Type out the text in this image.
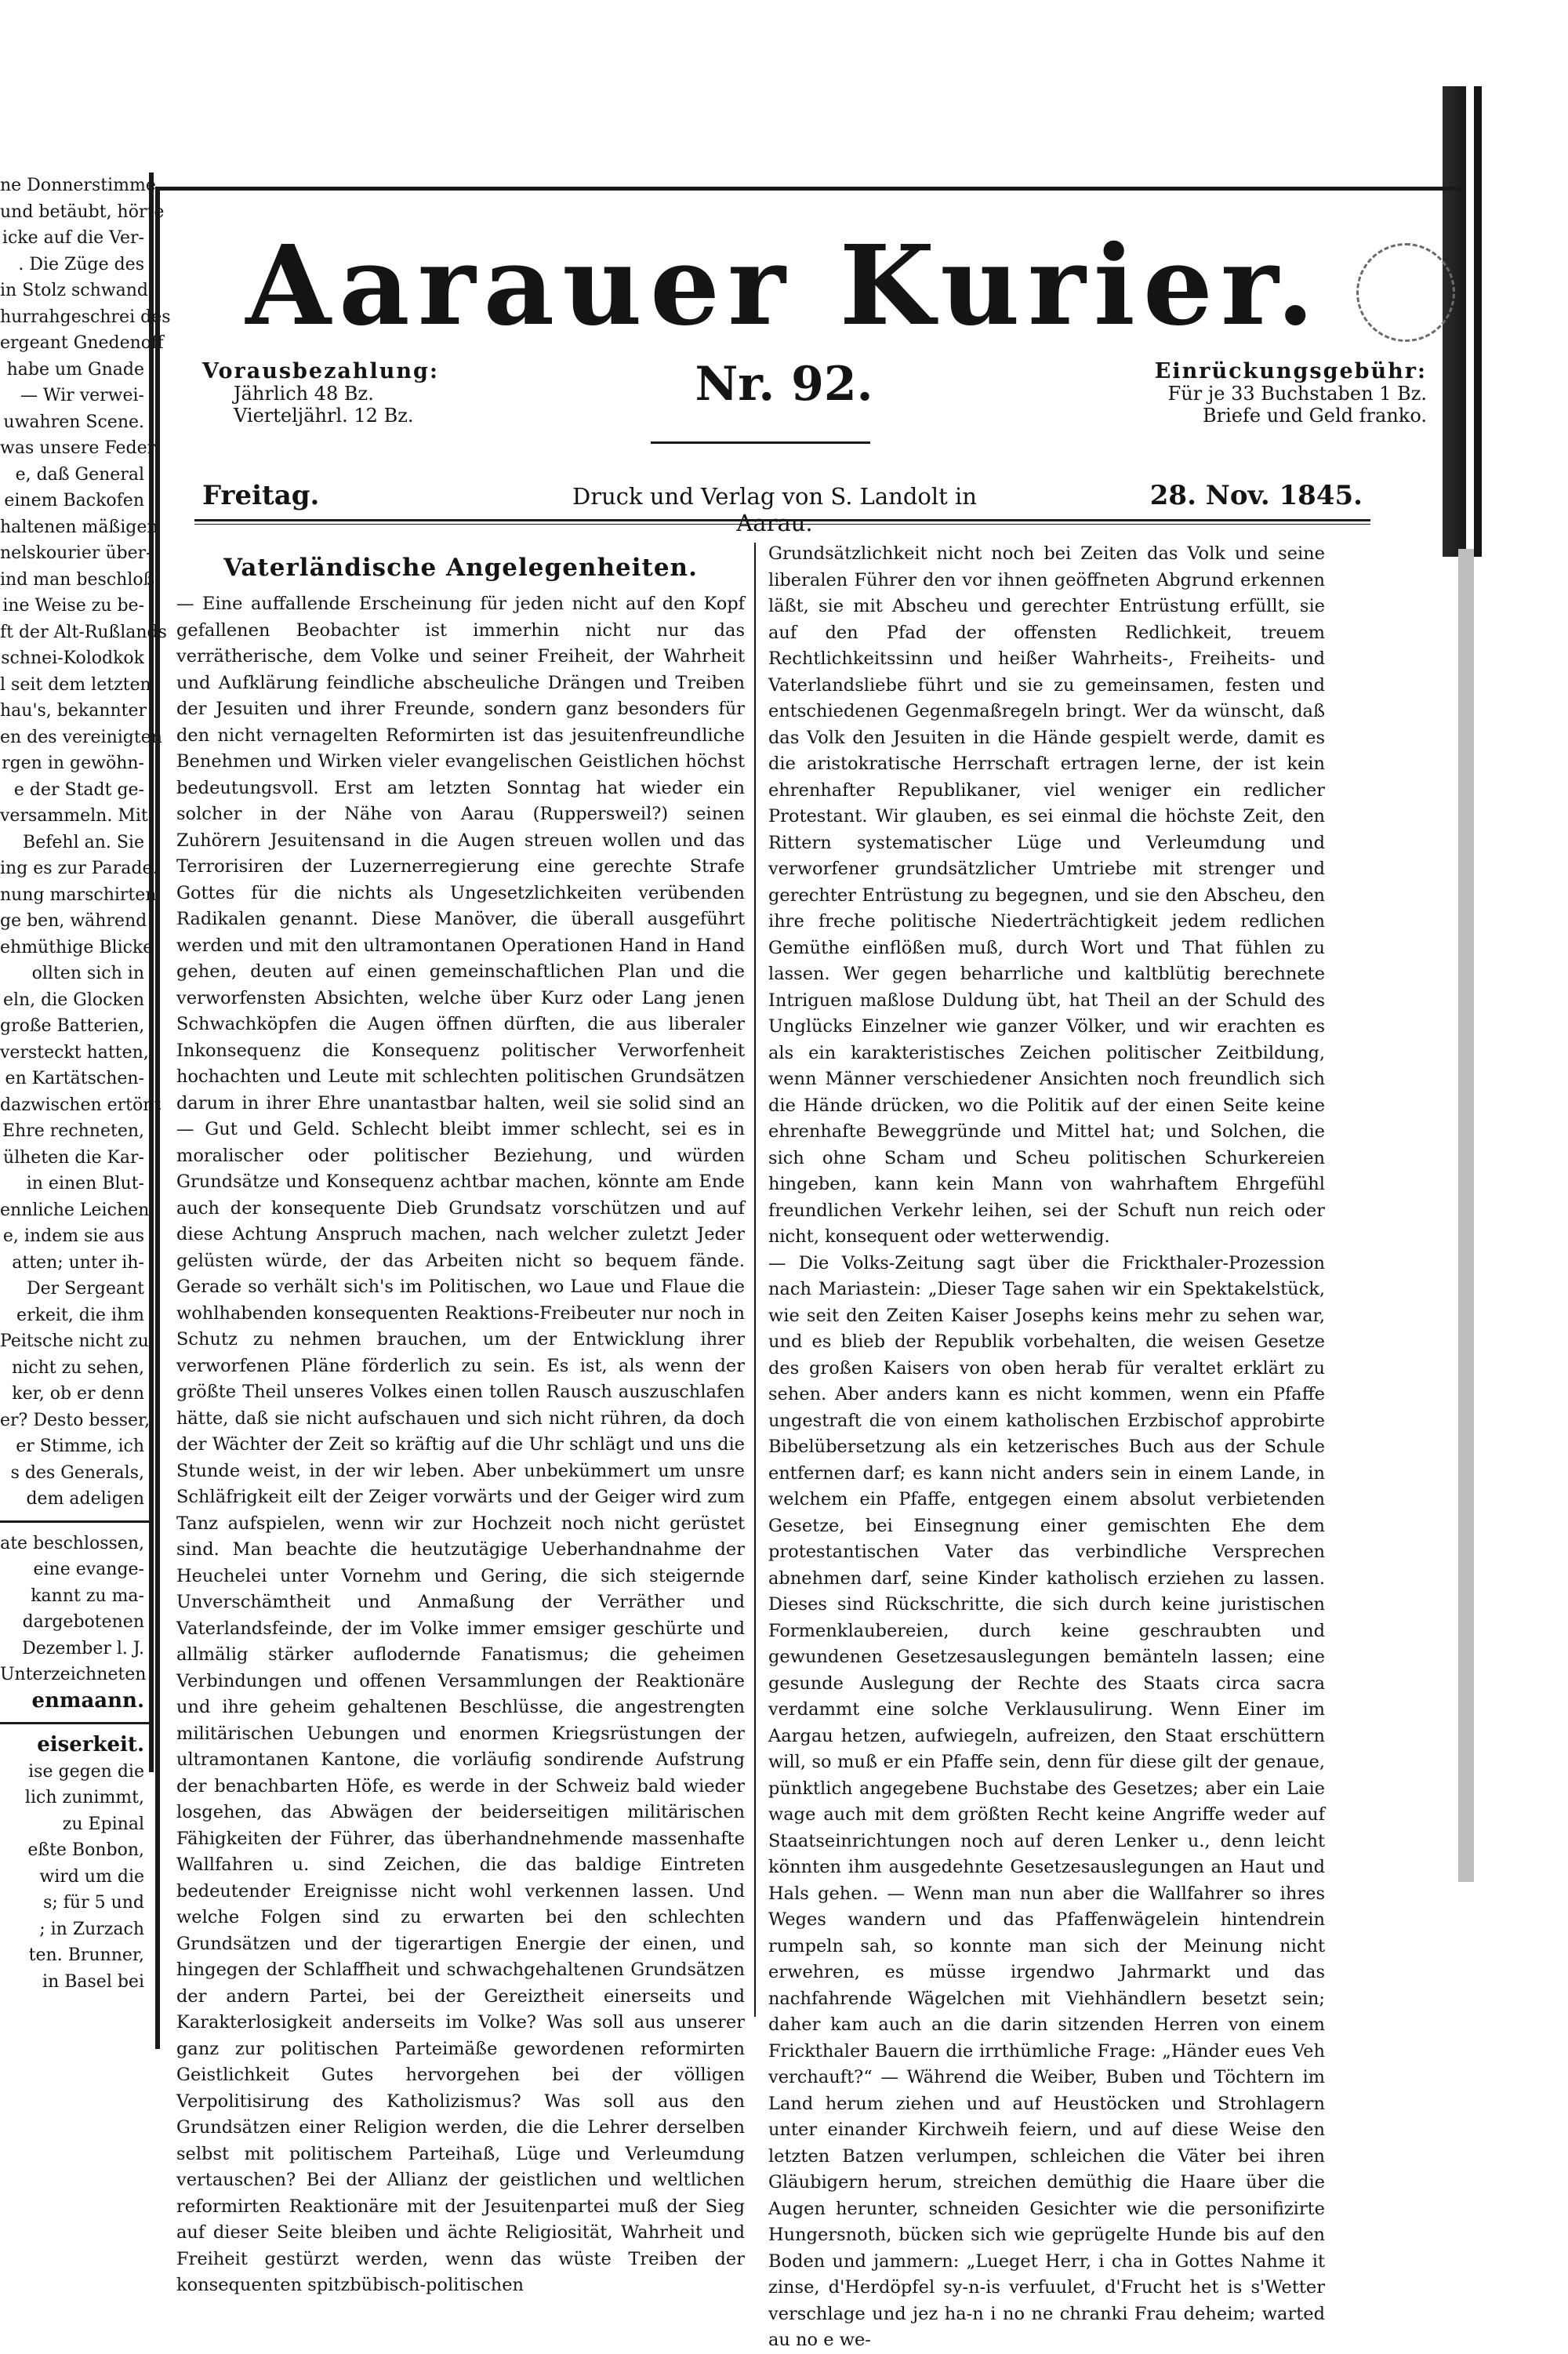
ne Donnerstimme
und betäubt, hörte
icke auf die Ver-
. Die Züge des
in Stolz schwand,
hurrahgeschrei des
ergeant Gnedenoff
habe um Gnade
— Wir verwei-
uwahren Scene.
was unsere Feder
e, daß General
einem Backofen
haltenen mäßigen
nelskourier über-
ind man beschloß,
ine Weise zu be-
ft der Alt-Rußlands
schnei-Kolodkok
l seit dem letzten
hau's, bekannter
en des vereinigten
rgen in gewöhn-
e der Stadt ge-
versammeln. Mit
Befehl an. Sie
ing es zur Parade.
nung marschirten
ge ben, während
ehmüthige Blicke
ollten sich in
eln, die Glocken
große Batterien,
versteckt hatten,
en Kartätschen-
dazwischen ertönt
Ehre rechneten,
ülheten die Kar-
in einen Blut-
ennliche Leichen
e, indem sie aus
atten; unter ih-
Der Sergeant
erkeit, die ihm
Peitsche nicht zu
nicht zu sehen,
ker, ob er denn
er? Desto besser,
er Stimme, ich
s des Generals,
dem adeligen
ate beschlossen,
eine evange-
kannt zu ma-
dargebotenen
Dezember l. J.
Unterzeichneten
enmaann.
eiserkeit.
ise gegen die
lich zunimmt,
zu Epinal
eßte Bonbon,
wird um die
s; für 5 und
; in Zurzach
ten. Brunner,
in Basel bei
Aarauer Kurier.
Vorausbezahlung:
Jährlich 48 Bz.
Vierteljährl. 12 Bz.
Nr. 92.	Einrückungsgebühr:
Für je 33 Buchstaben 1 Bz.
Briefe und Geld franko.
Freitag.	Druck und Verlag von S. Landolt in Aarau.
28. Nov. 1845.
Vaterländische Angelegenheiten.

— Eine auffallende Erscheinung für jeden nicht auf den Kopf gefallenen Beobachter ist immerhin nicht nur das verrätherische, dem Volke und seiner Freiheit, der Wahrheit und Aufklärung feindliche abscheuliche Drängen und Treiben der Jesuiten und ihrer Freunde, sondern ganz besonders für den nicht vernagelten Reformirten ist das jesuitenfreundliche Benehmen und Wirken vieler evangelischen Geistlichen höchst bedeutungsvoll. Erst am letzten Sonntag hat wieder ein solcher in der Nähe von Aarau (Ruppersweil?) seinen Zuhörern Jesuitensand in die Augen streuen wollen und das Terrorisiren der Luzernerregierung eine gerechte Strafe Gottes für die nichts als Ungesetzlichkeiten verübenden Radikalen genannt. Diese Manöver, die überall ausgeführt werden und mit den ultramontanen Operationen Hand in Hand gehen, deuten auf einen gemeinschaftlichen Plan und die verworfensten Absichten, welche über Kurz oder Lang jenen Schwachköpfen die Augen öffnen dürften, die aus liberaler Inkonsequenz die Konsequenz politischer Verworfenheit hochachten und Leute mit schlechten politischen Grundsätzen darum in ihrer Ehre unantastbar halten, weil sie solid sind an — Gut und Geld. Schlecht bleibt immer schlecht, sei es in moralischer oder politischer Beziehung, und würden Grundsätze und Konsequenz achtbar machen, könnte am Ende auch der konsequente Dieb Grundsatz vorschützen und auf diese Achtung Anspruch machen, nach welcher zuletzt Jeder gelüsten würde, der das Arbeiten nicht so bequem fände. Gerade so verhält sich's im Politischen, wo Laue und Flaue die wohlhabenden konsequenten Reaktions-Freibeuter nur noch in Schutz zu nehmen brauchen, um der Entwicklung ihrer verworfenen Pläne förderlich zu sein. Es ist, als wenn der größte Theil unseres Volkes einen tollen Rausch auszuschlafen hätte, daß sie nicht aufschauen und sich nicht rühren, da doch der Wächter der Zeit so kräftig auf die Uhr schlägt und uns die Stunde weist, in der wir leben. Aber unbekümmert um unsre Schläfrigkeit eilt der Zeiger vorwärts und der Geiger wird zum Tanz aufspielen, wenn wir zur Hochzeit noch nicht gerüstet sind. Man beachte die heutzutägige Ueberhandnahme der Heuchelei unter Vornehm und Gering, die sich steigernde Unverschämtheit und Anmaßung der Verräther und Vaterlandsfeinde, der im Volke immer emsiger geschürte und allmälig stärker auflodernde Fanatismus; die geheimen Verbindungen und offenen Versammlungen der Reaktionäre und ihre geheim gehaltenen Beschlüsse, die angestrengten militärischen Uebungen und enormen Kriegsrüstungen der ultramontanen Kantone, die vorläufig sondirende Aufstrung der benachbarten Höfe, es werde in der Schweiz bald wieder losgehen, das Abwägen der beiderseitigen militärischen Fähigkeiten der Führer, das überhandnehmende massenhafte Wallfahren u. sind Zeichen, die das baldige Eintreten bedeutender Ereignisse nicht wohl verkennen lassen. Und welche Folgen sind zu erwarten bei den schlechten Grundsätzen und der tigerartigen Energie der einen, und hingegen der Schlaffheit und schwachgehaltenen Grundsätzen der andern Partei, bei der Gereiztheit einerseits und Karakterlosigkeit anderseits im Volke? Was soll aus unserer ganz zur politischen Parteimäße gewordenen reformirten Geistlichkeit Gutes hervorgehen bei der völligen Verpolitisirung des Katholizismus? Was soll aus den Grundsätzen einer Religion werden, die die Lehrer derselben selbst mit politischem Parteihaß, Lüge und Verleumdung vertauschen? Bei der Allianz der geistlichen und weltlichen reformirten Reaktionäre mit der Jesuitenpartei muß der Sieg auf dieser Seite bleiben und ächte Religiosität, Wahrheit und Freiheit gestürzt werden, wenn das wüste Treiben der konsequenten spitzbübisch-politischen

Grundsätzlichkeit nicht noch bei Zeiten das Volk und seine liberalen Führer den vor ihnen geöffneten Abgrund erkennen läßt, sie mit Abscheu und gerechter Entrüstung erfüllt, sie auf den Pfad der offensten Redlichkeit, treuem Rechtlichkeitssinn und heißer Wahrheits-, Freiheits- und Vaterlandsliebe führt und sie zu gemeinsamen, festen und entschiedenen Gegenmaßregeln bringt. Wer da wünscht, daß das Volk den Jesuiten in die Hände gespielt werde, damit es die aristokratische Herrschaft ertragen lerne, der ist kein ehrenhafter Republikaner, viel weniger ein redlicher Protestant. Wir glauben, es sei einmal die höchste Zeit, den Rittern systematischer Lüge und Verleumdung und verworfener grundsätzlicher Umtriebe mit strenger und gerechter Entrüstung zu begegnen, und sie den Abscheu, den ihre freche politische Niederträchtigkeit jedem redlichen Gemüthe einflößen muß, durch Wort und That fühlen zu lassen. Wer gegen beharrliche und kaltblütig berechnete Intriguen maßlose Duldung übt, hat Theil an der Schuld des Unglücks Einzelner wie ganzer Völker, und wir erachten es als ein karakteristisches Zeichen politischer Zeitbildung, wenn Männer verschiedener Ansichten noch freundlich sich die Hände drücken, wo die Politik auf der einen Seite keine ehrenhafte Beweggründe und Mittel hat; und Solchen, die sich ohne Scham und Scheu politischen Schurkereien hingeben, kann kein Mann von wahrhaftem Ehrgefühl freundlichen Verkehr leihen, sei der Schuft nun reich oder nicht, konsequent oder wetterwendig.

— Die Volks-Zeitung sagt über die Frickthaler-Prozession nach Mariastein: „Dieser Tage sahen wir ein Spektakelstück, wie seit den Zeiten Kaiser Josephs keins mehr zu sehen war, und es blieb der Republik vorbehalten, die weisen Gesetze des großen Kaisers von oben herab für veraltet erklärt zu sehen. Aber anders kann es nicht kommen, wenn ein Pfaffe ungestraft die von einem katholischen Erzbischof approbirte Bibelübersetzung als ein ketzerisches Buch aus der Schule entfernen darf; es kann nicht anders sein in einem Lande, in welchem ein Pfaffe, entgegen einem absolut verbietenden Gesetze, bei Einsegnung einer gemischten Ehe dem protestantischen Vater das verbindliche Versprechen abnehmen darf, seine Kinder katholisch erziehen zu lassen. Dieses sind Rückschritte, die sich durch keine juristischen Formenklaubereien, durch keine geschraubten und gewundenen Gesetzesauslegungen bemänteln lassen; eine gesunde Auslegung der Rechte des Staats circa sacra verdammt eine solche Verklausulirung. Wenn Einer im Aargau hetzen, aufwiegeln, aufreizen, den Staat erschüttern will, so muß er ein Pfaffe sein, denn für diese gilt der genaue, pünktlich angegebene Buchstabe des Gesetzes; aber ein Laie wage auch mit dem größten Recht keine Angriffe weder auf Staatseinrichtungen noch auf deren Lenker u., denn leicht könnten ihm ausgedehnte Gesetzesauslegungen an Haut und Hals gehen. — Wenn man nun aber die Wallfahrer so ihres Weges wandern und das Pfaffenwägelein hintendrein rumpeln sah, so konnte man sich der Meinung nicht erwehren, es müsse irgendwo Jahrmarkt und das nachfahrende Wägelchen mit Viehhändlern besetzt sein; daher kam auch an die darin sitzenden Herren von einem Frickthaler Bauern die irrthümliche Frage: „Händer eues Veh verchauft?“ — Während die Weiber, Buben und Töchtern im Land herum ziehen und auf Heustöcken und Strohlagern unter einander Kirchweih feiern, und auf diese Weise den letzten Batzen verlumpen, schleichen die Väter bei ihren Gläubigern herum, streichen demüthig die Haare über die Augen herunter, schneiden Gesichter wie die personifizirte Hungersnoth, bücken sich wie geprügelte Hunde bis auf den Boden und jammern: „Lueget Herr, i cha in Gottes Nahme it zinse, d'Herdöpfel sy-n-is verfuulet, d'Frucht het is s'Wetter verschlage und jez ha-n i no ne chranki Frau deheim; warted au no e we-
